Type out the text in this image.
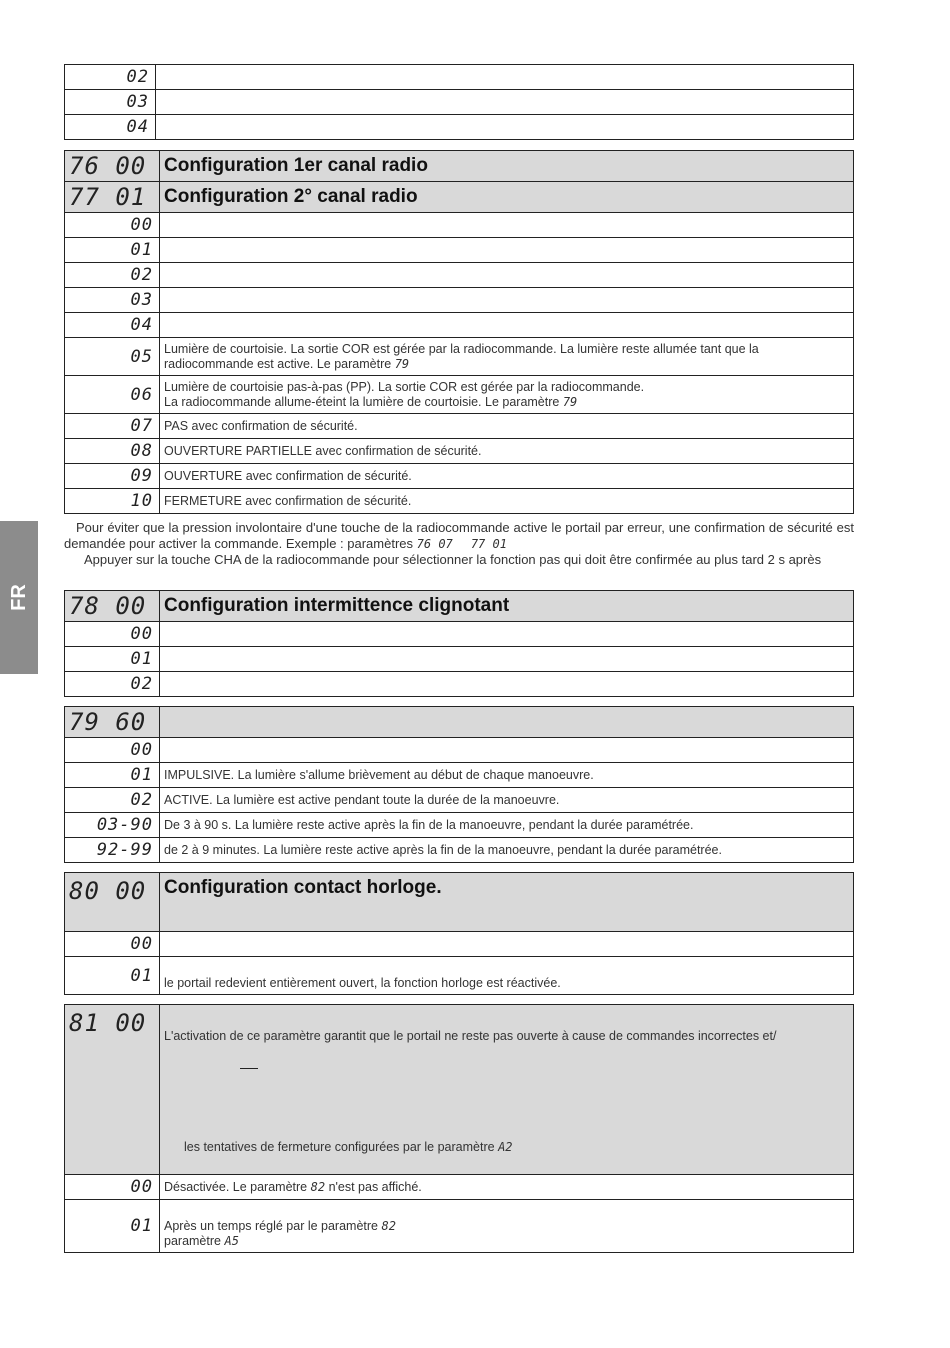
FR
02	
03	
04	
76 00	Configuration 1er canal radio
77 01	Configuration 2° canal radio
00	
01	
02	
03	
04	
05	Lumière de courtoisie. La sortie COR est gérée par la radiocommande. La lumière reste allumée tant que la radiocommande est active. Le paramètre 79
06	Lumière de courtoisie pas-à-pas (PP). La sortie COR est gérée par la radiocommande.
La radiocommande allume-éteint la lumière de courtoisie. Le paramètre 79
07	PAS avec confirmation de sécurité.
08	OUVERTURE PARTIELLE avec confirmation de sécurité.
09	OUVERTURE avec confirmation de sécurité.
10	FERMETURE avec confirmation de sécurité.
Pour éviter que la pression involontaire d'une touche de la radiocommande active le portail par erreur, une confirmation de sécurité est demandée pour activer la commande. Exemple : paramètres 76 07 77 01
Appuyer sur la touche CHA de la radiocommande pour sélectionner la fonction pas qui doit être confirmée au plus tard 2 s après
78 00	Configuration intermittence clignotant
00	
01	
02	
79 60	
00	
01	IMPULSIVE. La lumière s'allume brièvement au début de chaque manoeuvre.
02	ACTIVE. La lumière est active pendant toute la durée de la manoeuvre.
03-90	De 3 à 90 s. La lumière reste active après la fin de la manoeuvre, pendant la durée paramétrée.
92-99	de 2 à 9 minutes. La lumière reste active après la fin de la manoeuvre, pendant la durée paramétrée.
80 00	Configuration contact horloge.
00	
01	le portail redevient entièrement ouvert, la fonction horloge est réactivée.
81 00	L'activation de ce paramètre garantit que le portail ne reste pas ouverte à cause de commandes incorrectes et/
les tentatives de fermeture configurées par le paramètre A2

00	Désactivée. Le paramètre 82 n'est pas affiché.
01	Après un temps réglé par le paramètre 82
paramètre A5
